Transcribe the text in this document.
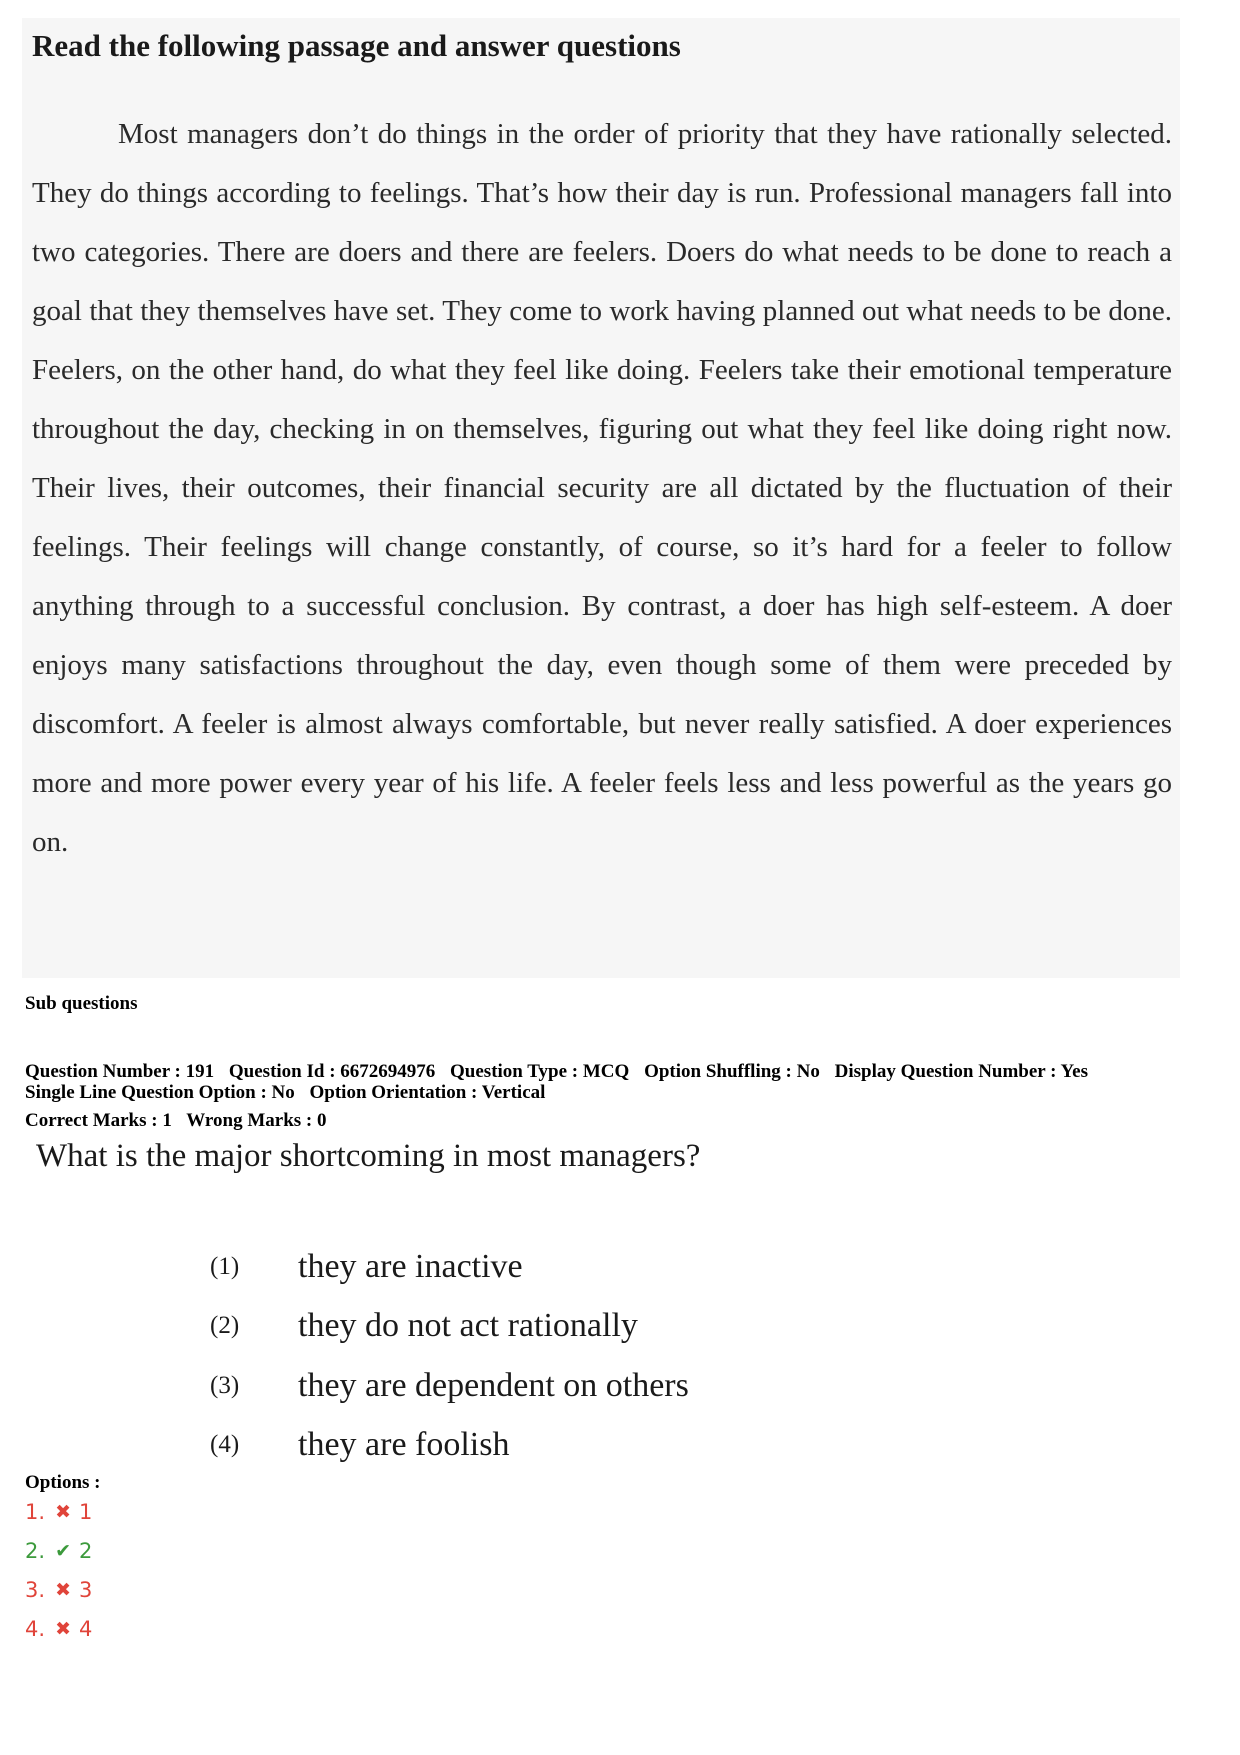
Read the following passage and answer questions

Most managers don’t do things in the order of priority that they have rationally selected. They do things according to feelings. That’s how their day is run. Professional managers fall into two categories. There are doers and there are feelers. Doers do what needs to be done to reach a goal that they themselves have set. They come to work having planned out what needs to be done. Feelers, on the other hand, do what they feel like doing. Feelers take their emotional temperature throughout the day, checking in on themselves, figuring out what they feel like doing right now. Their lives, their outcomes, their financial security are all dictated by the fluctuation of their feelings. Their feelings will change constantly, of course, so it’s hard for a feeler to follow anything through to a successful conclusion. By contrast, a doer has high self-esteem. A doer enjoys many satisfactions throughout the day, even though some of them were preceded by discomfort. A feeler is almost always comfortable, but never really satisfied. A doer experiences more and more power every year of his life. A feeler feels less and less powerful as the years go on.

Sub questions
Question Number : 191 Question Id : 6672694976 Question Type : MCQ Option Shuffling : No Display Question Number : Yes
Single Line Question Option : No Option Orientation : Vertical
Correct Marks : 1 Wrong Marks : 0
What is the major shortcoming in most managers?
(1) they are inactive
(2) they do not act rationally
(3) they are dependent on others
(4) they are foolish
Options :
1. ✖ 1
2. ✔ 2
3. ✖ 3
4. ✖ 4
